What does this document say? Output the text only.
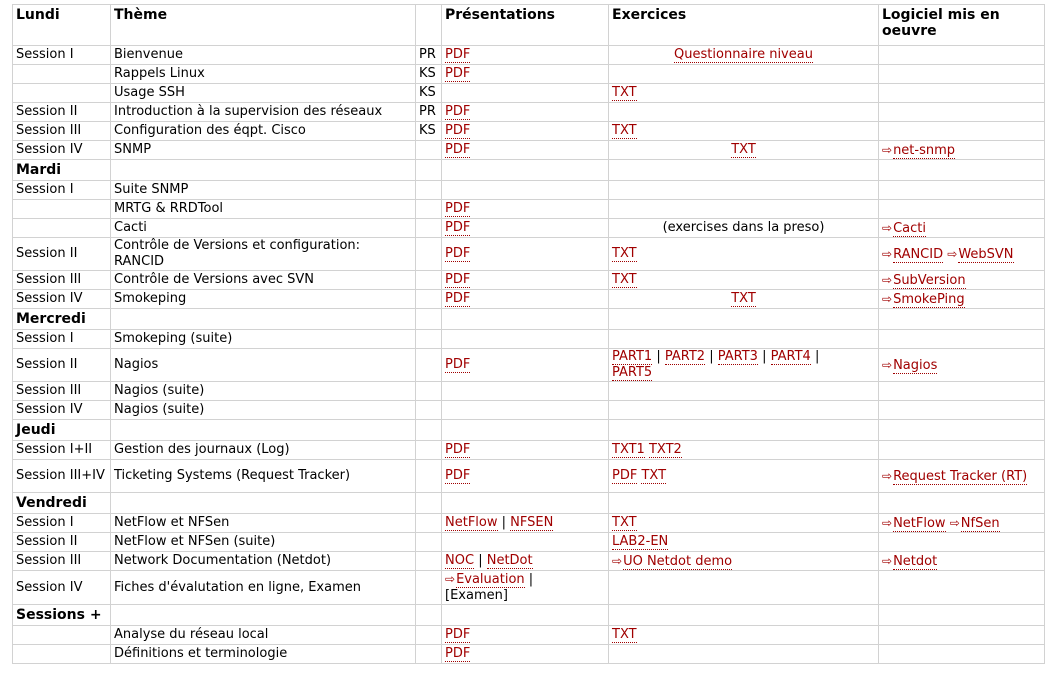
Lundi	Thème		Présentations	Exercices	Logiciel mis en oeuvre
Session I	Bienvenue	PR	PDF	Questionnaire niveau	
	Rappels Linux	KS	PDF		
	Usage SSH	KS		TXT	
Session II	Introduction à la supervision des réseaux	PR	PDF		
Session III	Configuration des éqpt. Cisco	KS	PDF	TXT	
Session IV	SNMP		PDF	TXT	⇨net-snmp
Mardi					
Session I	Suite SNMP				
	MRTG & RRDTool		PDF		
	Cacti		PDF	(exercises dans la preso)	⇨Cacti
Session II	Contrôle de Versions et configuration: RANCID		PDF	TXT	⇨RANCID ⇨WebSVN
Session III	Contrôle de Versions avec SVN		PDF	TXT	⇨SubVersion
Session IV	Smokeping		PDF	TXT	⇨SmokePing
Mercredi					
Session I	Smokeping (suite)				
Session II	Nagios		PDF	PART1 | PART2 | PART3 | PART4 |
PART5	⇨Nagios
Session III	Nagios (suite)				
Session IV	Nagios (suite)				
Jeudi					
Session I+II	Gestion des journaux (Log)		PDF	TXT1 TXT2	
Session III+IV	Ticketing Systems (Request Tracker)		PDF	PDF TXT	⇨Request Tracker (RT)
Vendredi					
Session I	NetFlow et NFSen		NetFlow | NFSEN	TXT	⇨NetFlow ⇨NfSen
Session II	NetFlow et NFSen (suite)			LAB2-EN	
Session III	Network Documentation (Netdot)		NOC | NetDot	⇨UO Netdot demo	⇨Netdot
Session IV	Fiches d'évalutation en ligne, Examen		⇨Evaluation |
[Examen]		
Sessions +					
	Analyse du réseau local		PDF	TXT	
	Définitions et terminologie		PDF		
